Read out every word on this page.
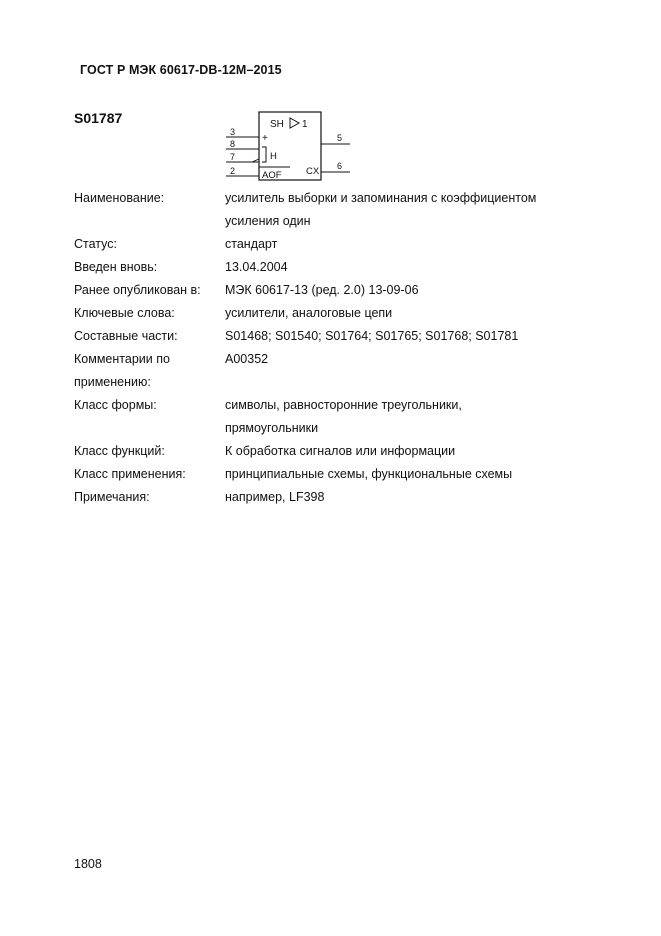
ГОСТ Р МЭК 60617-DB-12M–2015
S01787	SH 1
3
8
7
2
+
H
AOF	CX
5
6
Наименование:	усилитель выборки и запоминания с коэффициентом
усиления один
Статус:	стандарт
Введен вновь:	13.04.2004
Ранее опубликован в:	МЭК 60617-13 (ред. 2.0) 13-09-06
Ключевые слова:	усилители, аналоговые цепи
Составные части:	S01468; S01540; S01764; S01765; S01768; S01781
Комментарии по
применению:
A00352
Класс формы:	символы, равносторонние треугольники,
прямоугольники
Класс функций:	К обработка сигналов или информации
Класс применения:	принципиальные схемы, функциональные схемы
Примечания:	например, LF398
1808
